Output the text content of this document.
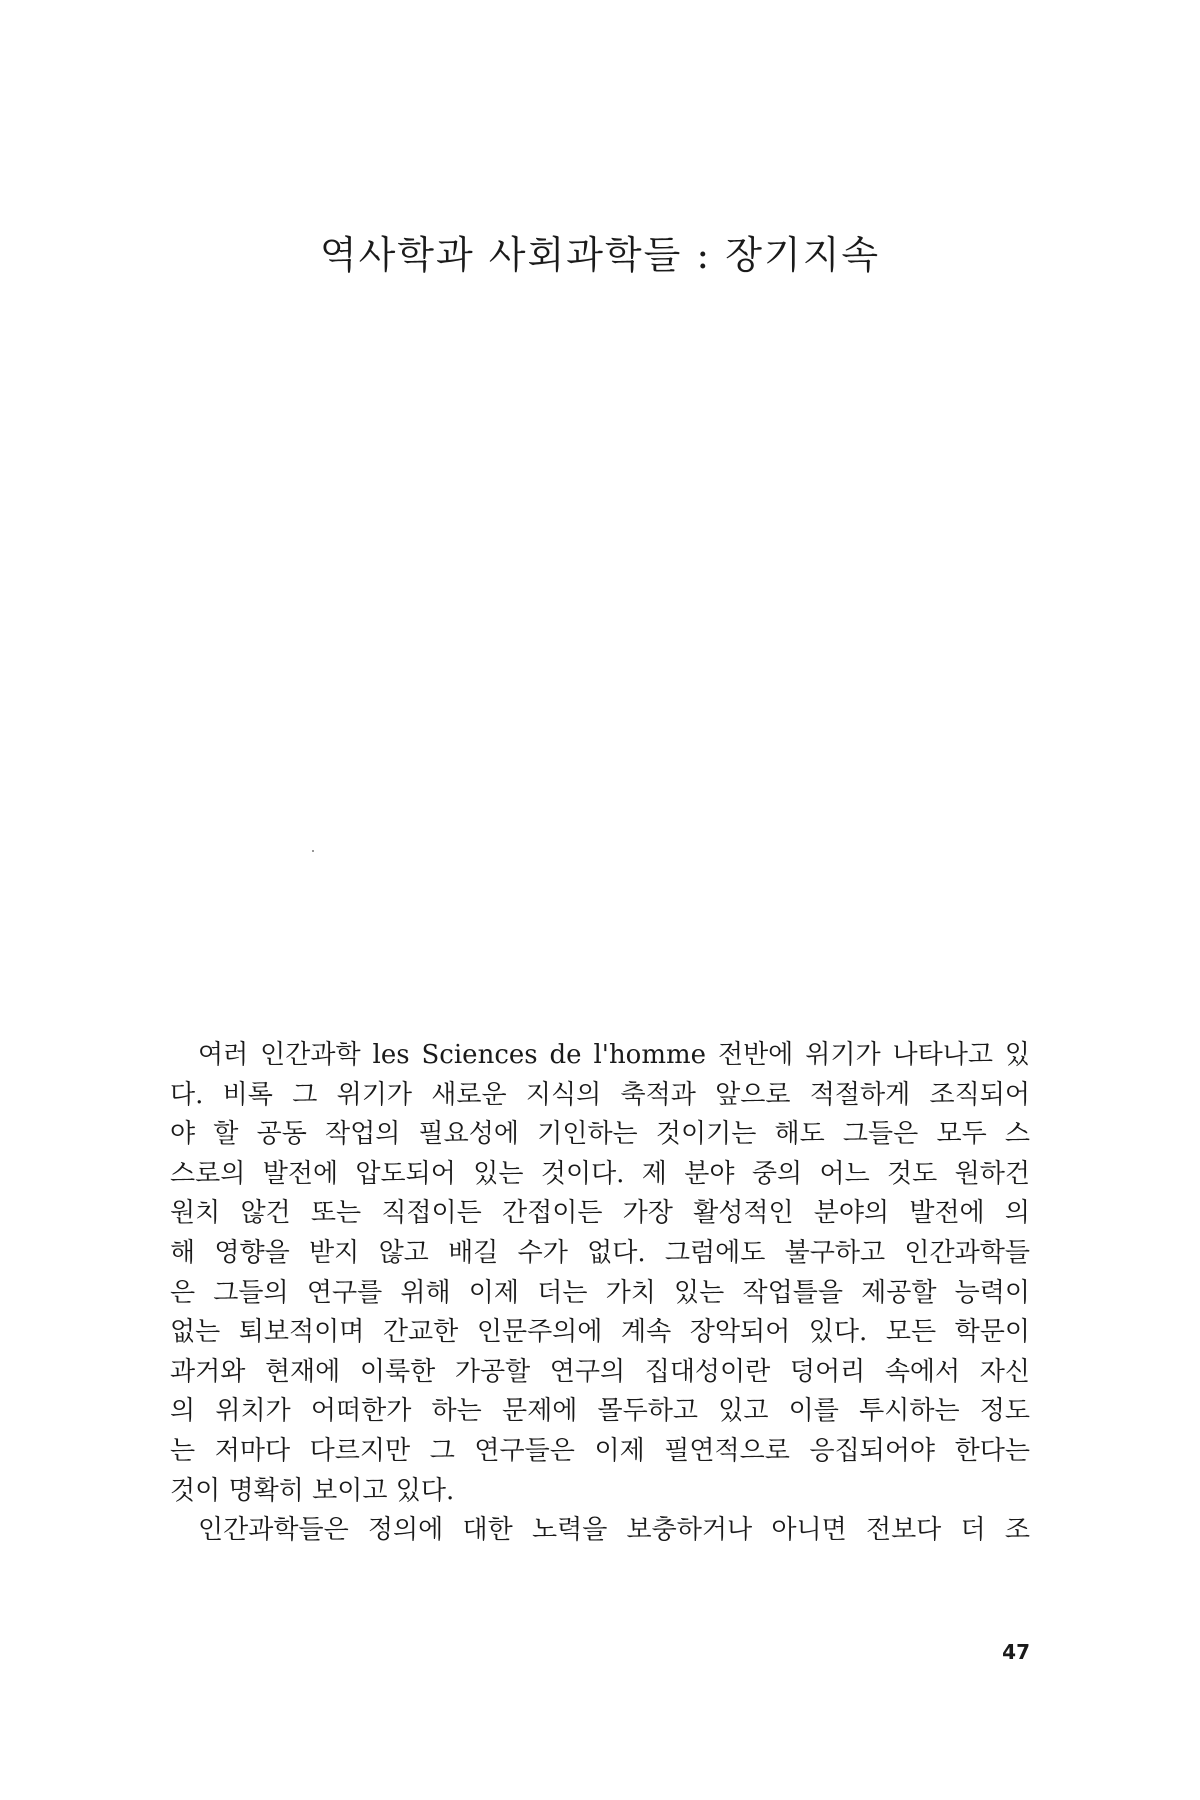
역사학과 사회과학들 : 장기지속
여러 인간과학 les Sciences de l'homme 전반에 위기가 나타나고 있
다. 비록 그 위기가 새로운 지식의 축적과 앞으로 적절하게 조직되어
야 할 공동 작업의 필요성에 기인하는 것이기는 해도 그들은 모두 스
스로의 발전에 압도되어 있는 것이다. 제 분야 중의 어느 것도 원하건
원치 않건 또는 직접이든 간접이든 가장 활성적인 분야의 발전에 의
해 영향을 받지 않고 배길 수가 없다. 그럼에도 불구하고 인간과학들
은 그들의 연구를 위해 이제 더는 가치 있는 작업틀을 제공할 능력이
없는 퇴보적이며 간교한 인문주의에 계속 장악되어 있다. 모든 학문이
과거와 현재에 이룩한 가공할 연구의 집대성이란 덩어리 속에서 자신
의 위치가 어떠한가 하는 문제에 몰두하고 있고 이를 투시하는 정도
는 저마다 다르지만 그 연구들은 이제 필연적으로 응집되어야 한다는
것이 명확히 보이고 있다.
인간과학들은 정의에 대한 노력을 보충하거나 아니면 전보다 더 조
47
